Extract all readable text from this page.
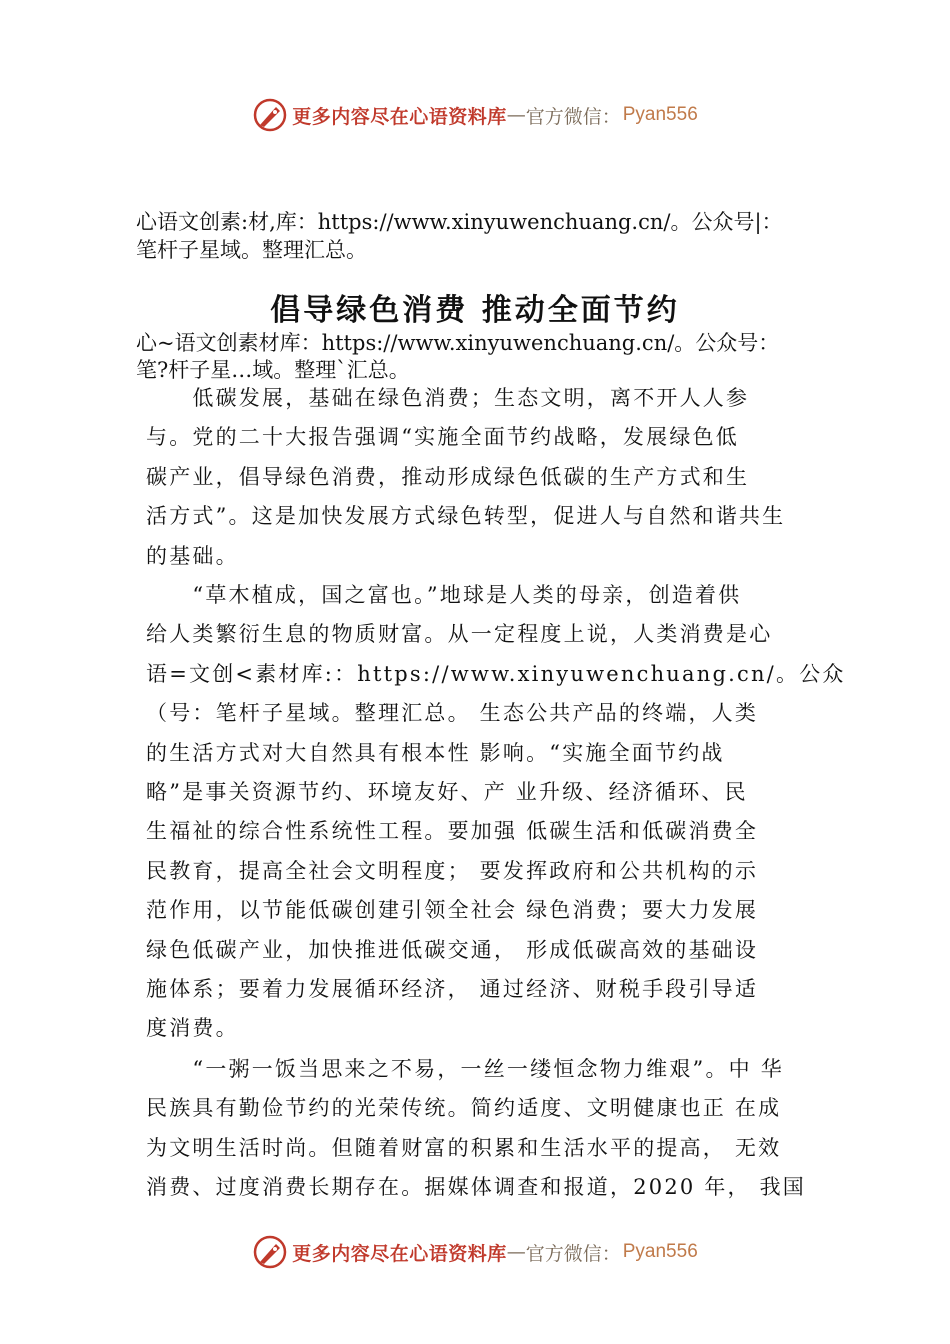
更多内容尽在心语资料库 — 官方微信： Pyan556
心语文创素:材,库：https://www.xinyuwenchuang.cn/。公众号|：
笔杆子星域。整理汇总。
倡导绿色消费 推动全面节约
心~语文创素材库：https://www.xinyuwenchuang.cn/。公众号：
笔?杆子星…域。整理`汇总。
　　低碳发展，基础在绿色消费；生态文明，离不开人人参
与。党的二十大报告强调“实施全面节约战略，发展绿色低
碳产业，倡导绿色消费，推动形成绿色低碳的生产方式和生
活方式”。这是加快发展方式绿色转型，促进人与自然和谐共生
的基础。
　　“草木植成，国之富也。”地球是人类的母亲，创造着供
给人类繁衍生息的物质财富。从一定程度上说，人类消费是心
语=文创<素材库:：https://www.xinyuwenchuang.cn/。公众
（号：笔杆子星域。整理汇总。 生态公共产品的终端，人类
的生活方式对大自然具有根本性 影响。“实施全面节约战
略”是事关资源节约、环境友好、产 业升级、经济循环、民
生福祉的综合性系统性工程。要加强 低碳生活和低碳消费全
民教育，提高全社会文明程度； 要发挥政府和公共机构的示
范作用，以节能低碳创建引领全社会 绿色消费；要大力发展
绿色低碳产业，加快推进低碳交通， 形成低碳高效的基础设
施体系；要着力发展循环经济， 通过经济、财税手段引导适
度消费。
　　“一粥一饭当思来之不易，一丝一缕恒念物力维艰”。中 华
民族具有勤俭节约的光荣传统。简约适度、文明健康也正 在成
为文明生活时尚。但随着财富的积累和生活水平的提高， 无效
消费、过度消费长期存在。据媒体调查和报道，2020 年， 我国
更多内容尽在心语资料库 — 官方微信： Pyan556
